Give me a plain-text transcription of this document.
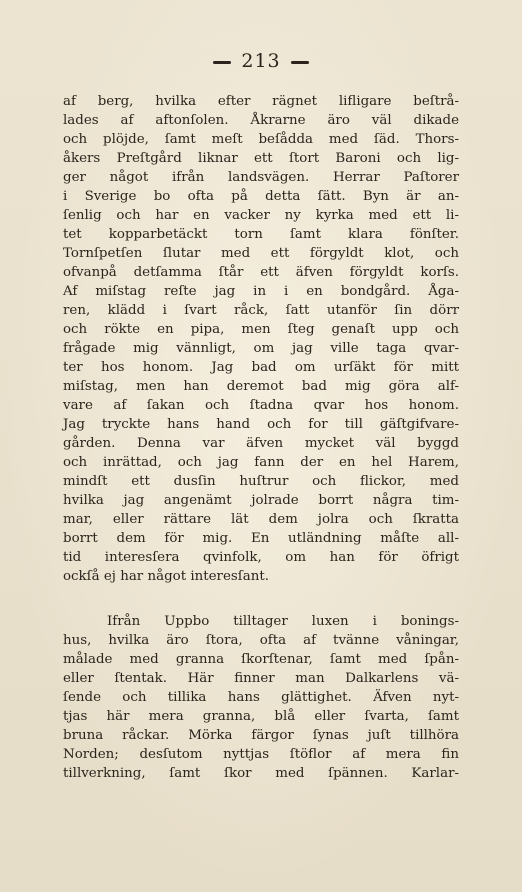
213
af berg, hvilka efter rägnet lifligare beſtrå-
lades af aftonſolen. Åkrarne äro väl dikade
och plöjde, ſamt meſt beſådda med ſäd. Thors-
åkers Preſtgård liknar ett ſtort Baroni och lig-
ger något ifrån landsvägen. Herrar Paſtorer
i Sverige bo ofta på detta ſätt. Byn är an-
ſenlig och har en vacker ny kyrka med ett li-
tet kopparbetäckt torn ſamt klara fönſter.
Tornſpetſen ſlutar med ett förgyldt klot, och
ofvanpå detſamma ſtår ett äfven förgyldt korſs.
Af miſstag reſte jag in i en bondgård. Åga-
ren, klädd i ſvart råck, ſatt utanför ſin dörr
och rökte en pipa, men ſteg genaſt upp och
frågade mig vännligt, om jag ville taga qvar-
ter hos honom. Jag bad om urſäkt för mitt
miſstag, men han deremot bad mig göra alf-
vare af ſakan och ſtadna qvar hos honom.
Jag tryckte hans hand och for till gäſtgifvare-
gården. Denna var äfven mycket väl byggd
och inrättad, och jag fann der en hel Harem,
mindſt ett dusſin huſtrur och flickor, med
hvilka jag angenämt jolrade borrt några tim-
mar, eller rättare lät dem jolra och ſkratta
borrt dem för mig. En utländning måſte all-
tid interesſera qvinfolk, om han för öfrigt
ockſå ej har något interesſant.
Ifrån Uppbo tilltager luxen i bonings-
hus, hvilka äro ſtora, ofta af tvänne våningar,
målade med granna ſkorſtenar, ſamt med ſpån-
eller ſtentak. Här finner man Dalkarlens vä-
ſende och tillika hans glättighet. Äfven nyt-
tjas här mera granna, blå eller ſvarta, ſamt
bruna råckar. Mörka färgor ſynas juſt tillhöra
Norden; desſutom nyttjas ſtöflor af mera fin
tillverkning, ſamt ſkor med ſpännen. Karlar-
